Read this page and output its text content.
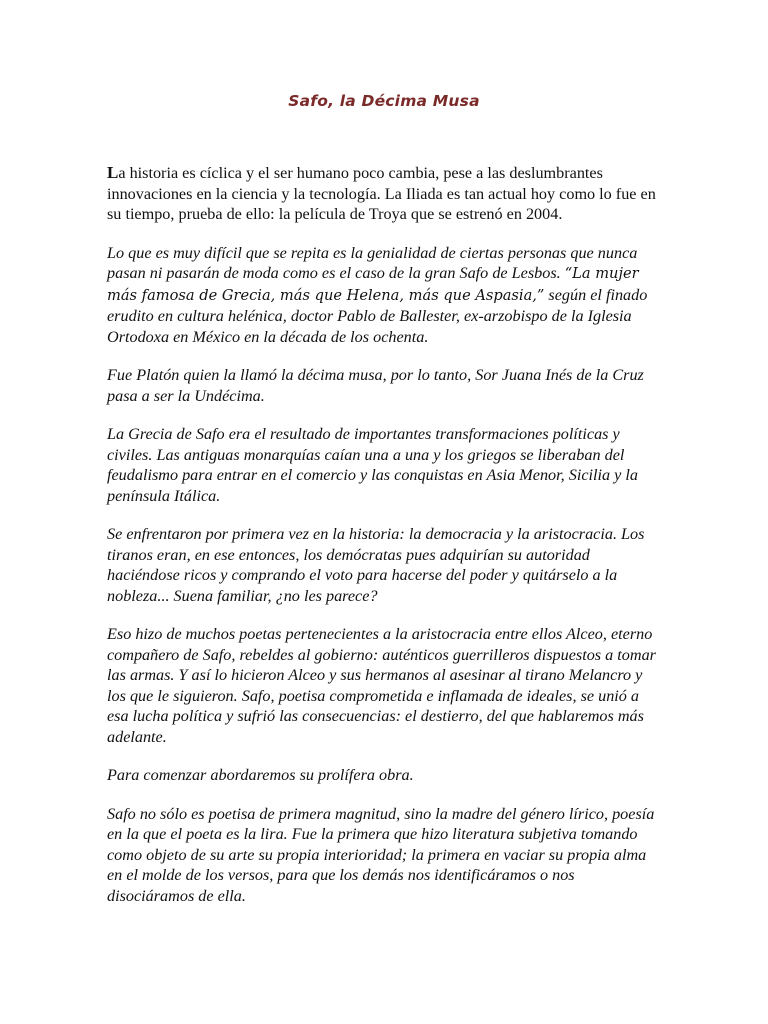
Safo, la Décima Musa

La historia es cíclica y el ser humano poco cambia, pese a las deslumbrantes innovaciones en la ciencia y la tecnología. La Iliada es tan actual hoy como lo fue en su tiempo, prueba de ello: la película de Troya que se estrenó en 2004.

Lo que es muy difícil que se repita es la genialidad de ciertas personas que nunca pasan ni pasarán de moda como es el caso de la gran Safo de Lesbos. “La mujer más famosa de Grecia, más que Helena, más que Aspasia,” según el finado erudito en cultura helénica, doctor Pablo de Ballester, ex-arzobispo de la Iglesia Ortodoxa en México en la década de los ochenta.

Fue Platón quien la llamó la décima musa, por lo tanto, Sor Juana Inés de la Cruz pasa a ser la Undécima.

La Grecia de Safo era el resultado de importantes transformaciones políticas y civiles. Las antiguas monarquías caían una a una y los griegos se liberaban del feudalismo para entrar en el comercio y las conquistas en Asia Menor, Sicilia y la península Itálica.

Se enfrentaron por primera vez en la historia: la democracia y la aristocracia. Los tiranos eran, en ese entonces, los demócratas pues adquirían su autoridad haciéndose ricos y comprando el voto para hacerse del poder y quitárselo a la nobleza... Suena familiar, ¿no les parece?

Eso hizo de muchos poetas pertenecientes a la aristocracia entre ellos Alceo, eterno compañero de Safo, rebeldes al gobierno: auténticos guerrilleros dispuestos a tomar las armas. Y así lo hicieron Alceo y sus hermanos al asesinar al tirano Melancro y los que le siguieron. Safo, poetisa comprometida e inflamada de ideales, se unió a esa lucha política y sufrió las consecuencias: el destierro, del que hablaremos más adelante.

Para comenzar abordaremos su prolífera obra.

Safo no sólo es poetisa de primera magnitud, sino la madre del género lírico, poesía en la que el poeta es la lira. Fue la primera que hizo literatura subjetiva tomando como objeto de su arte su propia interioridad; la primera en vaciar su propia alma en el molde de los versos, para que los demás nos identificáramos o nos disociáramos de ella.
